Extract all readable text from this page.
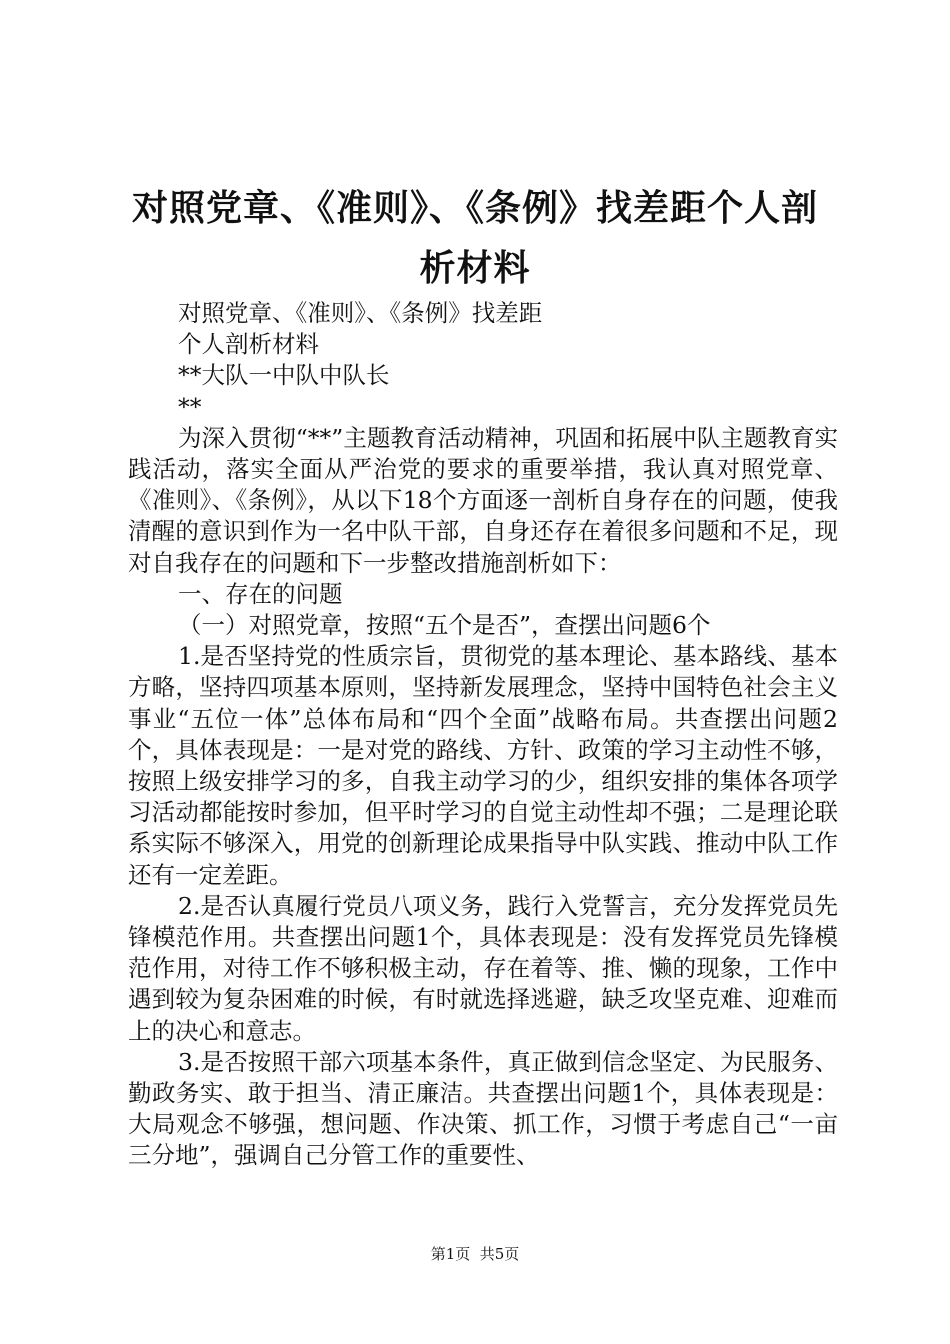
对照党章、《准则》、《条例》找差距个人剖
析材料

对照党章、《准则》、《条例》找差距

个人剖析材料

**大队一中队中队长

**

为深入贯彻“**”主题教育活动精神，巩固和拓展中队主题教育实践活动，落实全面从严治党的要求的重要举措，我认真对照党章、《准则》、《条例》，从以下18个方面逐一剖析自身存在的问题，使我清醒的意识到作为一名中队干部，自身还存在着很多问题和不足，现对自我存在的问题和下一步整改措施剖析如下：

一、存在的问题

（一）对照党章，按照“五个是否”，查摆出问题6个

1.是否坚持党的性质宗旨，贯彻党的基本理论、基本路线、基本方略，坚持四项基本原则，坚持新发展理念，坚持中国特色社会主义事业“五位一体”总体布局和“四个全面”战略布局。共查摆出问题2个，具体表现是：一是对党的路线、方针、政策的学习主动性不够，按照上级安排学习的多，自我主动学习的少，组织安排的集体各项学习活动都能按时参加，但平时学习的自觉主动性却不强；二是理论联系实际不够深入，用党的创新理论成果指导中队实践、推动中队工作还有一定差距。

2.是否认真履行党员八项义务，践行入党誓言，充分发挥党员先锋模范作用。共查摆出问题1个，具体表现是：没有发挥党员先锋模范作用，对待工作不够积极主动，存在着等、推、懒的现象，工作中遇到较为复杂困难的时候，有时就选择逃避，缺乏攻坚克难、迎难而上的决心和意志。

3.是否按照干部六项基本条件，真正做到信念坚定、为民服务、勤政务实、敢于担当、清正廉洁。共查摆出问题1个，具体表现是：大局观念不够强，想问题、作决策、抓工作，习惯于考虑自己“一亩三分地”，强调自己分管工作的重要性、

第1页  共5页
